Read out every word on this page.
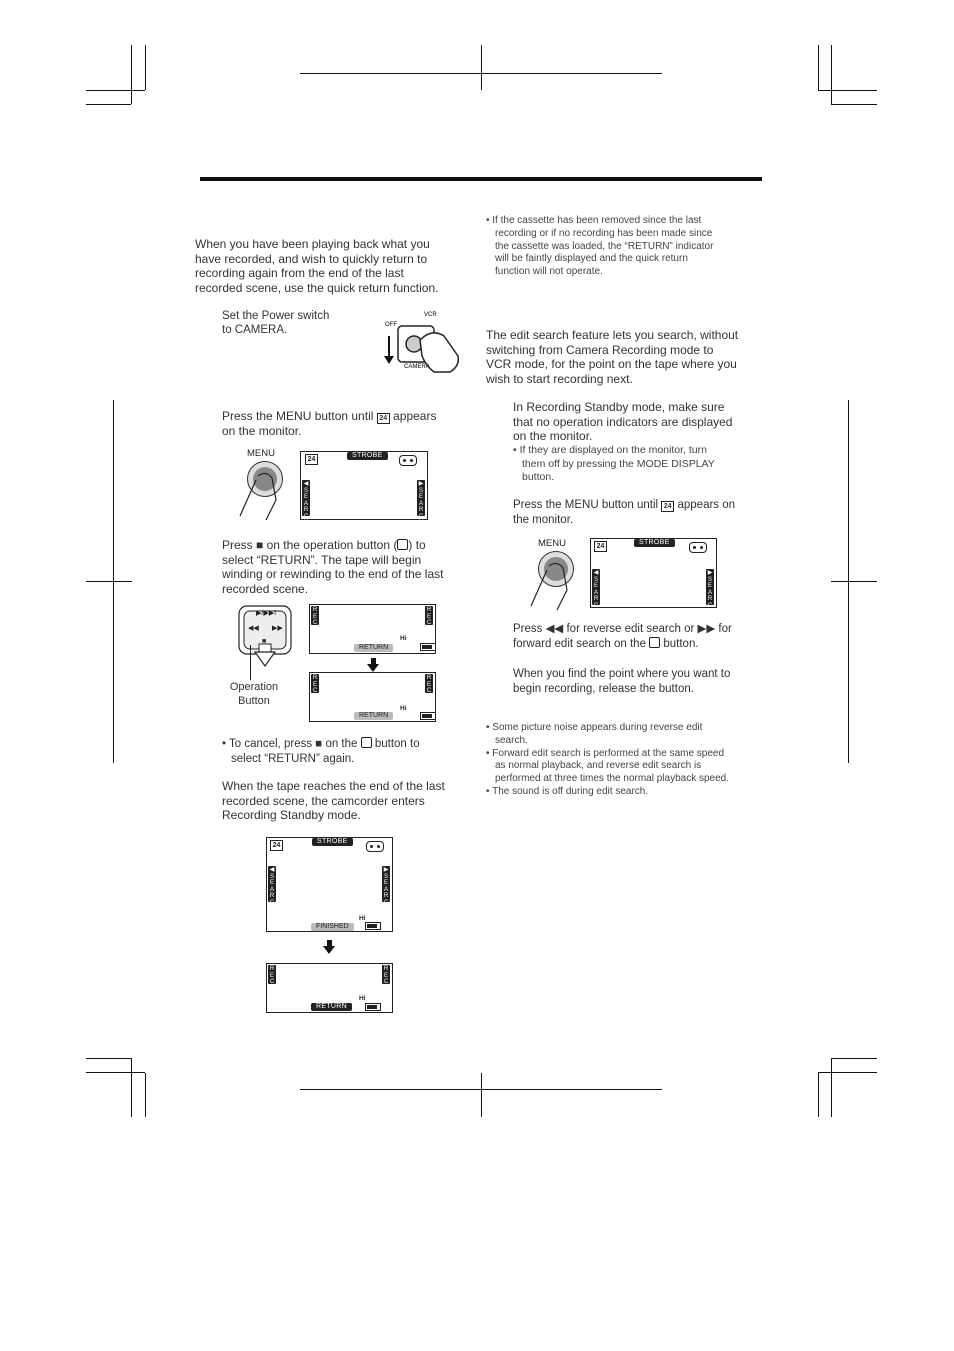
When you have been playing back what you
have recorded, and wish to quickly return to
recording again from the end of the last
recorded scene, use the quick return function.
Set the Power switch
to CAMERA.	OFF
VCR
CAMERA
Press the MENU button until 24 appears
on the monitor.
MENU
24
STROBE
◀
S
E
A
R
C
H
▶
S
E
A
R
C
H
Press ■ on the operation button ( ) to
select “RETURN”. The tape will begin
winding or rewinding to the end of the last
recorded scene.
▶/▶▶I
◀◀ ▶▶
■
Operation
Button
R
E
C
R
E
C
Hi
RETURN
R
E
C
R
E
C
Hi
RETURN
• To cancel, press ■ on the button to
select “RETURN” again.
When the tape reaches the end of the last
recorded scene, the camcorder enters
Recording Standby mode.
24
STROBE
◀
S
E
A
R
C
H
▶
S
E
A
R
C
H
Hi
FINISHED
R
E
C
R
E
C
Hi
RETURN
• If the cassette has been removed since the last
recording or if no recording has been made since
the cassette was loaded, the “RETURN” indicator
will be faintly displayed and the quick return
function will not operate.
The edit search feature lets you search, without
switching from Camera Recording mode to
VCR mode, for the point on the tape where you
wish to start recording next.
In Recording Standby mode, make sure
that no operation indicators are displayed
on the monitor.
• If they are displayed on the monitor, turn
them off by pressing the MODE DISPLAY
button.
Press the MENU button until 24 appears on
the monitor.
MENU	24
STROBE
◀
S
E
A
R
C
H
▶
S
E
A
R
C
H
Press ◀◀ for reverse edit search or ▶▶ for
forward edit search on the button.
When you find the point where you want to
begin recording, release the button.
• Some picture noise appears during reverse edit
search.
• Forward edit search is performed at the same speed
as normal playback, and reverse edit search is
performed at three times the normal playback speed.
• The sound is off during edit search.
